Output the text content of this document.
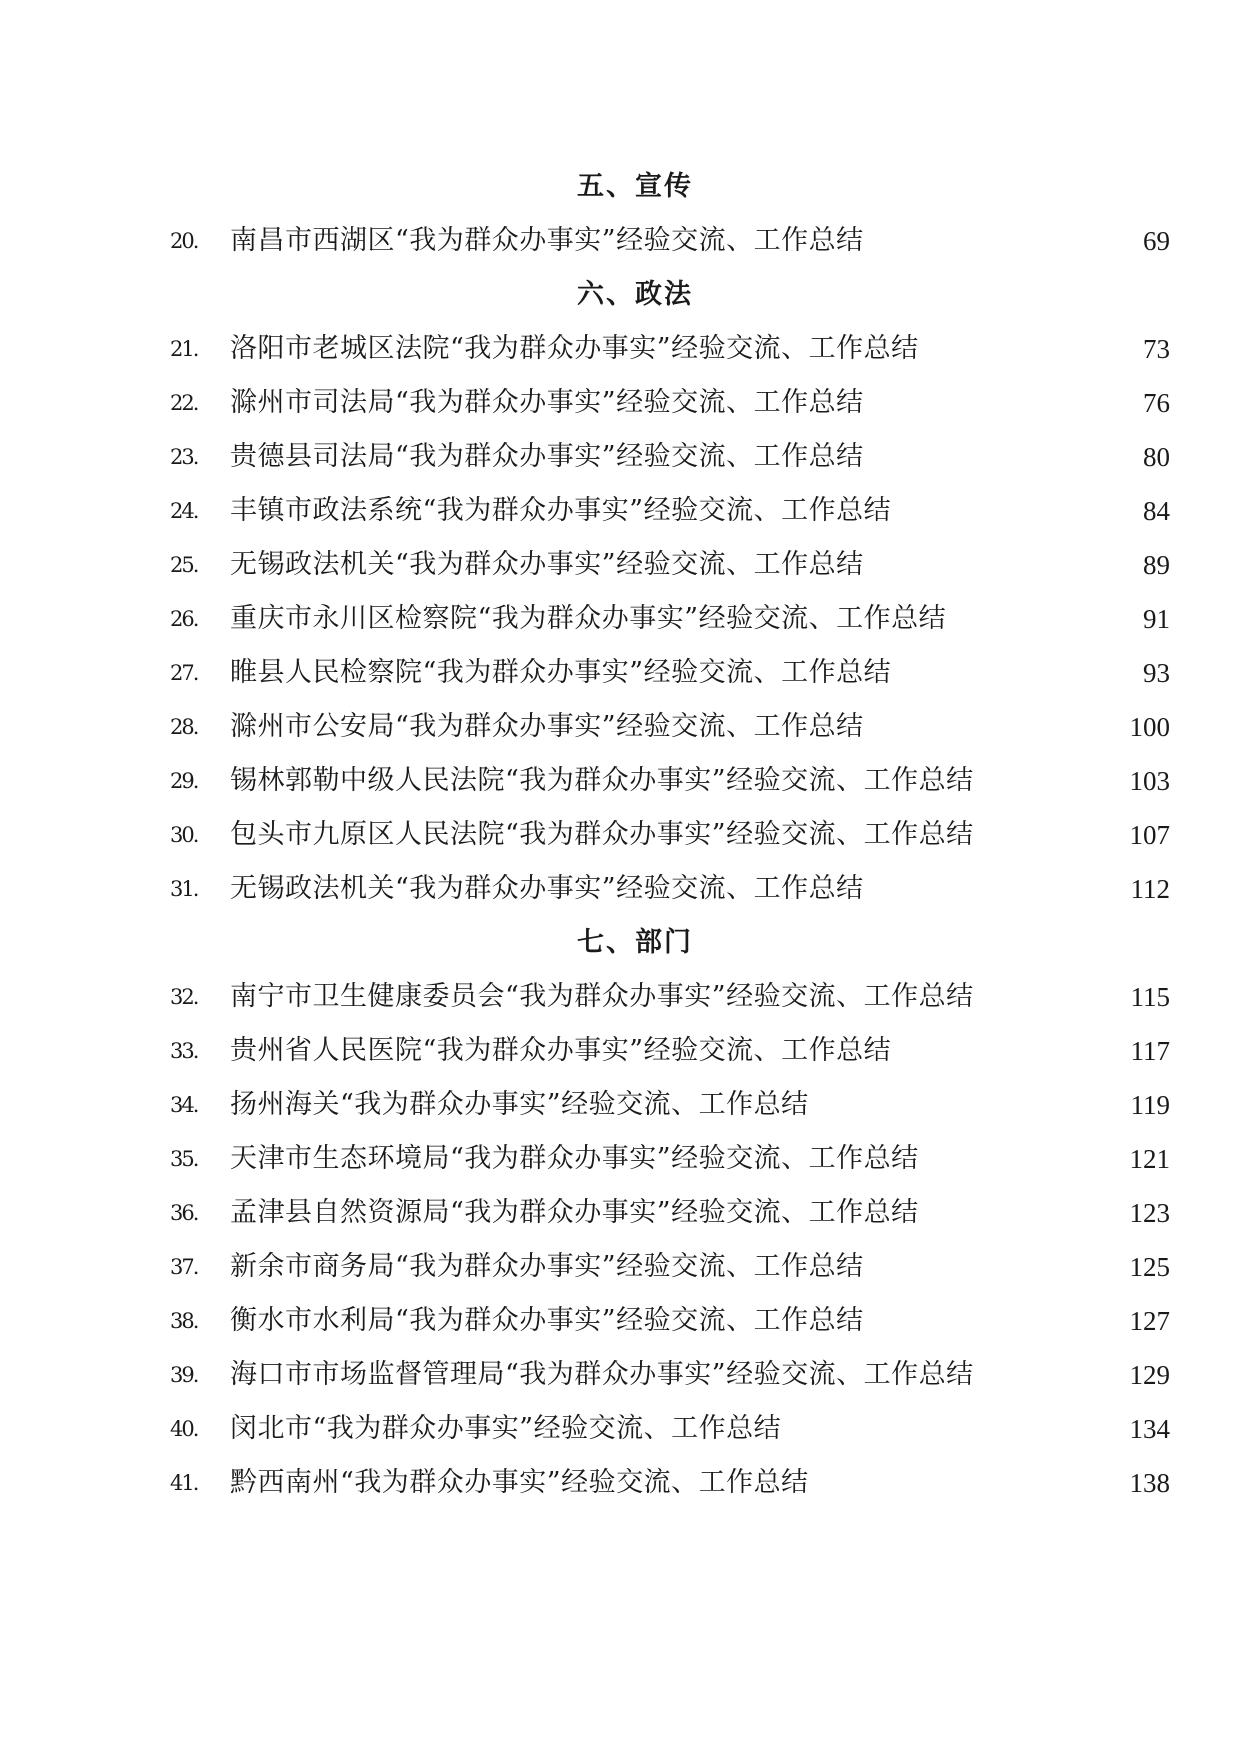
五、宣传
20.	南昌市西湖区“我为群众办事实”经验交流、工作总结	69
六、政法
21.	洛阳市老城区法院“我为群众办事实”经验交流、工作总结	73
22.	滁州市司法局“我为群众办事实”经验交流、工作总结	76
23.	贵德县司法局“我为群众办事实”经验交流、工作总结	80
24.	丰镇市政法系统“我为群众办事实”经验交流、工作总结	84
25.	无锡政法机关“我为群众办事实”经验交流、工作总结	89
26.	重庆市永川区检察院“我为群众办事实”经验交流、工作总结	91
27.	睢县人民检察院“我为群众办事实”经验交流、工作总结	93
28.	滁州市公安局“我为群众办事实”经验交流、工作总结	100
29.	锡林郭勒中级人民法院“我为群众办事实”经验交流、工作总结	103
30.	包头市九原区人民法院“我为群众办事实”经验交流、工作总结	107
31.	无锡政法机关“我为群众办事实”经验交流、工作总结	112
七、部门
32.	南宁市卫生健康委员会“我为群众办事实”经验交流、工作总结	115
33.	贵州省人民医院“我为群众办事实”经验交流、工作总结	117
34.	扬州海关“我为群众办事实”经验交流、工作总结	119
35.	天津市生态环境局“我为群众办事实”经验交流、工作总结	121
36.	孟津县自然资源局“我为群众办事实”经验交流、工作总结	123
37.	新余市商务局“我为群众办事实”经验交流、工作总结	125
38.	衡水市水利局“我为群众办事实”经验交流、工作总结	127
39.	海口市市场监督管理局“我为群众办事实”经验交流、工作总结	129
40.	闵北市“我为群众办事实”经验交流、工作总结	134
41.	黔西南州“我为群众办事实”经验交流、工作总结	138
